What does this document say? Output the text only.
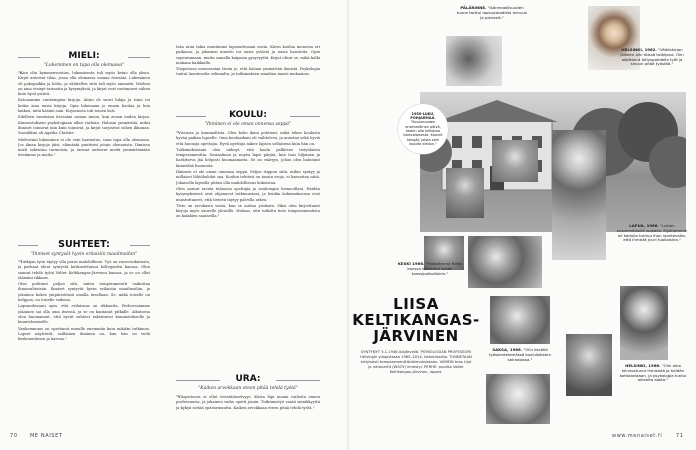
MIELI:
"Lukeminen on tapa olla olemassa"

"Kun olin kymmenvuotias, lukemisesta tuli myös keino olla yksin. Kirjat antoivat tilan, jossa olla olemassa omana itsenäni. Lukeminen oli pakopaikka ja lohtu, ja vähitellen siitä tuli myös ammatti. Mieleni on aina etsinyt tarinoita ja kysymyksiä, ja kirjat ovat vastanneet siihen kuin hyvä ystävä.

Kotonamme vanhempien kirjoja. Äitini oli suuri lukija ja isäni toi kotiin aina uusia kirjoja. Opin lukemaan jo ennen koulua ja luin kaiken, mitä käsiini sain. Kirjastosta tuli toinen koti.

Edelleen tunnistan itsessäni saman innon, kun avaan uuden kirjan. Kiinnostukseni psykologiaan alkoi varhain. Halusin ymmärtää, miksi ihmiset toimivat niin kuin toimivat, ja kirjat tarjosivat siihen ikkunan. Suosikkini oli Agatha Christie.

Mielestäni lukeminen ei ole vain harrastus, vaan tapa olla olemassa. Jos ilman kirjoja jäisi, elämästä puuttuisi jotain olennaista. Ihmisen mieli rakentuu tarinoista, ja tarinat auttavat meitä ymmärtämään itseämme ja muita."

SUHTEET:
"Ihmiset syntyvät hyvin erilaisiin maailmoihin"

"Tutkijan työn täytyy olla paras mahdollinen. Työ on vuorovaikutusta, ja parhaat ideat syntyvät keskusteluissa kollegoiden kanssa. Olen saanut tehdä työtä Valter Keltikangas-Järvisen kanssa, ja se on ollut elämäni rikkaus.

Olen pohtinut paljon sitä, miten temperamentti vaikuttaa ihmissuhteisiin. Ihmiset syntyvät hyvin erilaisiin maailmoihin, ja jokainen kokee ympäristönsä omalla tavallaan. Se, mikä toiselle on helppoa, on toiselle vaikeaa.

Lapsuudessani opin, että erilaisuus on rikkautta. Perheessämme jokainen sai olla oma itsensä, ja se on kantanut pitkälle. Aikuisena olen huomannut, että hyvät suhteet rakentuvat kunnioitukselle ja kuuntelemiselle.

Vanhemmuus on opettanut minulle enemmän kuin mikään tutkimus. Lapset näyttävät, millainen ihminen on, kun hän on vielä keskeneräinen ja kasvaa."

Isän uran takia muutimme lapsuudessani usein. Kävin koulua monessa eri paikassa, ja jokainen muutto toi uusia ystäviä ja uusia haasteita. Opin sopeutumaan, mutta samalla kaipasin pysyvyyttä. Kirjat olivat se, mikä kulki mukana kaikkialle.

Yliopistoon mennessäni tiesin jo, että haluan ymmärtää ihmistä. Psykologia tuntui luontevalta valinnalta, ja tutkimuksen maailma imaisi mukaansa.

KOULU:
"Ihminen ei ole oman onnensa seppä"

"Vierasta ja kummallista. Olen koko ikäni pohtinut, mikä tekee koulusta hyvän paikan lapselle. Oma kouluaikani oli vaihteleva, ja muistan sekä hyviä että huonoja opettajia. Hyvä opettaja näkee lapsen sellaisena kuin hän on.

Tutkimuksissani olen nähnyt, että koulu palkitsee tietynlaista temperamenttia. Sosiaalinen ja nopea lapsi pärjää, kun taas hiljainen ja harkitseva jää helposti huomaamatta. Se on vääryys, johon olen halunnut kiinnittää huomiota.

Ihminen ei ole oman onnensa seppä. Paljon riippuu siitä, mihin syntyy ja millaiset lähtökohdat saa. Koulun tehtävä on tasata eroja, ei kasvattaa niitä. Jokaisella lapsella pitäisi olla mahdollisuus kukoistaa.

Olen saanut tavata tuhansia opettajia ja vanhempia luennoillani. Heidän kysymyksensä ovat ohjanneet tutkimustani, ja heidän kokemuksensa ovat muistuttaneet, että tieteen täytyy palvella arkea.

Tieto on arvokasta vasta, kun se auttaa jotakuta. Siksi olen kirjoittanut kirjoja myös suurelle yleisölle. Haluan, että tutkittu tieto temperamentista on kaikkien saatavilla."

URA:
"Kaiken arvokkaan eteen pitää tehdä työtä"

"Yliopistoura ei ollut itsestäänselvyys. Kävin läpi monia vaiheita ennen professuuria, ja jokainen vaihe opetti jotain. Tutkimustyö vaatii sinnikkyyttä ja kykyä sietää epävarmuutta. Kaiken arvokkaan eteen pitää tehdä työtä."

PÄLÄRINNE. "Isänmaallisuuden tunne tarttui lapsuuskodista minuun jo pienenä."
HELSINKI, 1982. "Väitöskirjan jälkeen olin töissä tutkijana. Olin aloittanut äitiyspahdella työt ja sivuun pitää työstää."
1950-LUKU, POHJARMAA. "Koulunuoden ensimmäinen päivä, taskin olla kelkossa kalevalaisesta. Kauniit kengät, joista sain lopulta kiellon."
LAPUA, 1966. "Lukion ensimmäisellä luokalla. Myöhemmin oli kadulla tuntuu ihan luontevalta, että ihmistä juuri tuollaisina."
KESKI 1966. "Ystävämme Riitta kanssa kävimme kesän tanssipaikoillakin."
LIISA
KELTIKANGAS-
JÄRVINEN
SYNTYNYT 5.1.1946 Alajärvellä. PSYKOLOGIAN PROFESSORI Helsingin yliopistossa 1985–2014, tietokirjailija. TUNNETAAN erityisesti temperamenttitutkimuksistaan. VIIMEIN teos Ujot ja introvertit (WSOY) ilmestyi. PERHE: puoliso Valter Keltikangas-Järvinen, lapset.
SAKSA, 1966. "Olin kesällä työskentelemässä kouluikäisten sairaalassa."
HELSINKI, 1966. "Olin aina kiinnostunut ihmisistä ja heidän kohtaloistaan, ja psykologia tuntui oikealta alalta."
70 ME NAISET	www.menaiset.fi	71
